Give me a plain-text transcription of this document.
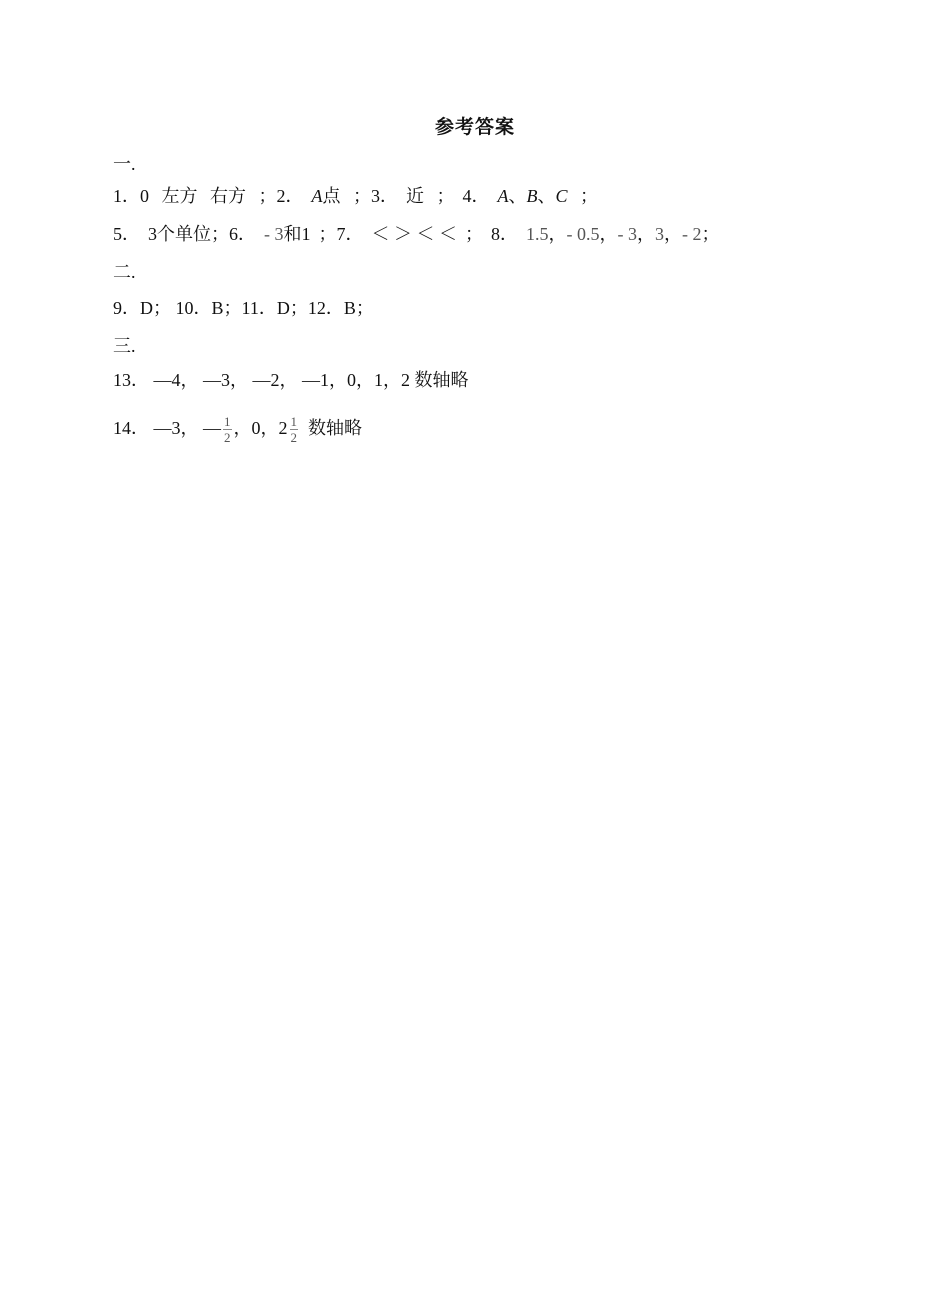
参考答案
一.
1．0 左方 右方 ；2． A点 ；3． 近 ； 4． A、B、C ；
5． 3个单位；6． - 3和1 ；7． ＜ ＞ ＜ ＜ ； 8． 1.5，- 0.5，- 3，3，- 2；
二.
9．D； 10．B；11．D；12．B；
三.
13． —4， —3， —2， —1，0，1，2 数轴略
14． —3， — $\frac{1}{2}$ ，0，$2 \frac{1}{2}$ 数轴略
